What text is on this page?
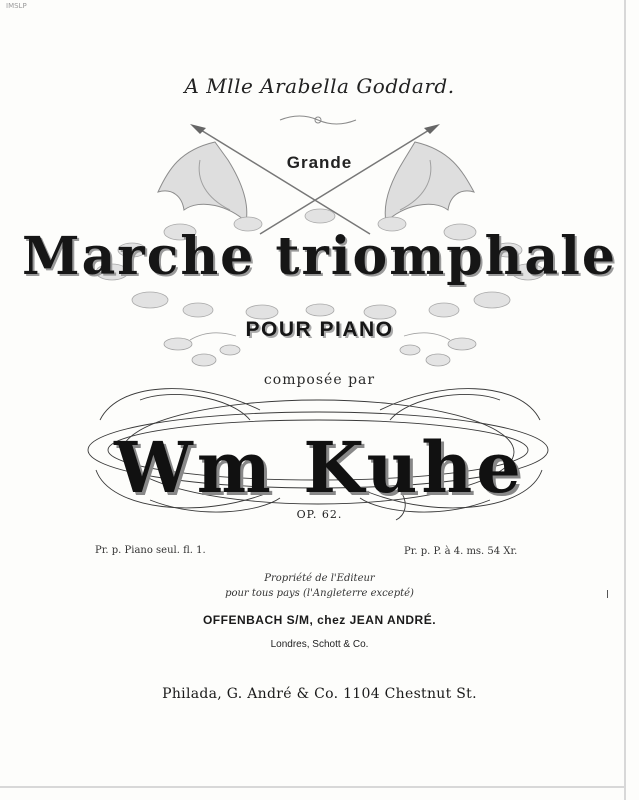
IMSLP
A Mlle Arabella Goddard.
Grande
Marche triomphale
POUR PIANO
composée par
Wm Kuhe
OP. 62.
Pr. p. Piano seul. fl. 1.	Pr. p. P. à 4. ms. 54 Xr.
Propriété de l'Editeur
pour tous pays (l'Angleterre excepté)
OFFENBACH S/M, chez JEAN ANDRÉ.
Londres, Schott & Co.
Philada, G. André & Co. 1104 Chestnut St.
